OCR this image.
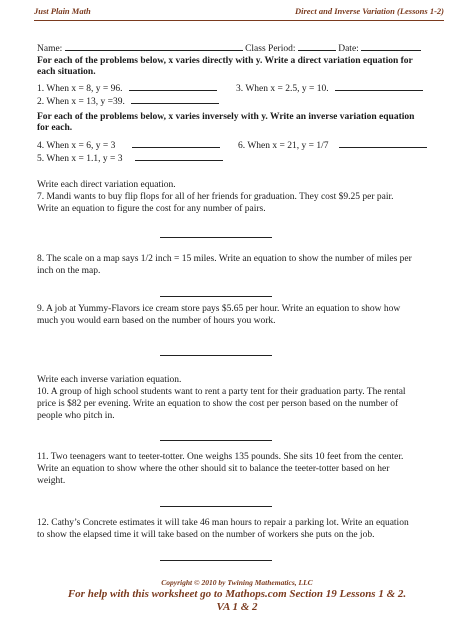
Just Plain Math	Direct and Inverse Variation (Lessons 1-2)
Name:	Class Period:	Date:
For each of the problems below, x varies directly with y. Write a direct variation equation for
each situation.
1. When x = 8, y = 96.	3. When x = 2.5, y = 10.
2. When x = 13, y =39.
For each of the problems below, x varies inversely with y. Write an inverse variation equation
for each.
4. When x = 6, y = 3	6. When x = 21, y = 1/7
5. When x = 1.1, y = 3
Write each direct variation equation.
7. Mandi wants to buy flip flops for all of her friends for graduation. They cost $9.25 per pair.
Write an equation to figure the cost for any number of pairs.
8. The scale on a map says 1/2 inch = 15 miles. Write an equation to show the number of miles per
inch on the map.
9. A job at Yummy-Flavors ice cream store pays $5.65 per hour. Write an equation to show how
much you would earn based on the number of hours you work.
Write each inverse variation equation.
10. A group of high school students want to rent a party tent for their graduation party. The rental
price is $82 per evening. Write an equation to show the cost per person based on the number of
people who pitch in.
11. Two teenagers want to teeter-totter. One weighs 135 pounds. She sits 10 feet from the center.
Write an equation to show where the other should sit to balance the teeter-totter based on her
weight.
12. Cathy’s Concrete estimates it will take 46 man hours to repair a parking lot. Write an equation
to show the elapsed time it will take based on the number of workers she puts on the job.
Copyright © 2010 by Twining Mathematics, LLC
For help with this worksheet go to Mathops.com Section 19 Lessons 1 & 2.
VA 1 & 2
